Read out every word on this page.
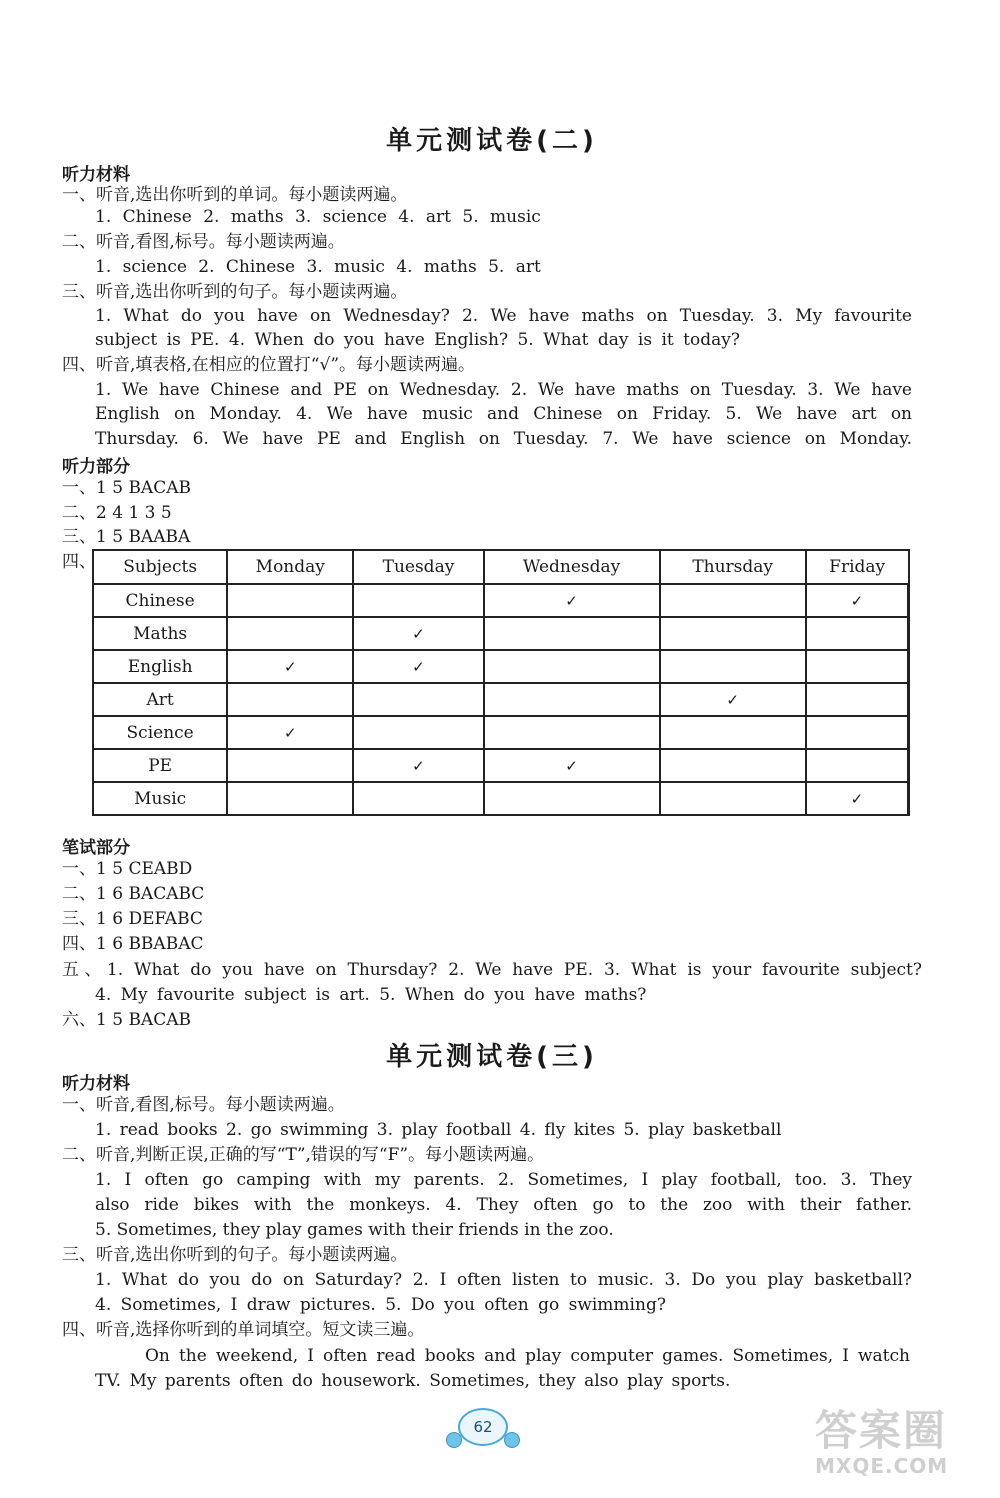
单元测试卷(二)
听力材料
一、听音,选出你听到的单词。每小题读两遍。
1. Chinese 2. maths 3. science 4. art 5. music
二、听音,看图,标号。每小题读两遍。
1. science 2. Chinese 3. music 4. maths 5. art
三、听音,选出你听到的句子。每小题读两遍。
1. What do you have on Wednesday? 2. We have maths on Tuesday. 3. My favourite
subject is PE. 4. When do you have English? 5. What day is it today?
四、听音,填表格,在相应的位置打“√”。每小题读两遍。
1. We have Chinese and PE on Wednesday. 2. We have maths on Tuesday. 3. We have
English on Monday. 4. We have music and Chinese on Friday. 5. We have art on
Thursday. 6. We have PE and English on Tuesday. 7. We have science on Monday.
听力部分
一、1 5 BACAB
二、2 4 1 3 5
三、1 5 BAABA
四、	Subjects	Monday	Tuesday	Wednesday	Thursday	Friday
Chinese			✓		✓
Maths		✓			
English	✓	✓			
Art				✓	
Science	✓				
PE		✓	✓		
Music					✓
笔试部分
一、1 5 CEABD
二、1 6 BACABC
三、1 6 DEFABC
四、1 6 BBABAC
五、1. What do you have on Thursday? 2. We have PE. 3. What is your favourite subject?
4. My favourite subject is art. 5. When do you have maths?
六、1 5 BACAB
单元测试卷(三)
听力材料
一、听音,看图,标号。每小题读两遍。
1. read books 2. go swimming 3. play football 4. fly kites 5. play basketball
二、听音,判断正误,正确的写“T”,错误的写“F”。每小题读两遍。
1. I often go camping with my parents. 2. Sometimes, I play football, too. 3. They
also ride bikes with the monkeys. 4. They often go to the zoo with their father.
5. Sometimes, they play games with their friends in the zoo.
三、听音,选出你听到的句子。每小题读两遍。
1. What do you do on Saturday? 2. I often listen to music. 3. Do you play basketball?
4. Sometimes, I draw pictures. 5. Do you often go swimming?
四、听音,选择你听到的单词填空。短文读三遍。
On the weekend, I often read books and play computer games. Sometimes, I watch
TV. My parents often do housework. Sometimes, they also play sports.
62	答案圈
MXQE.COM
